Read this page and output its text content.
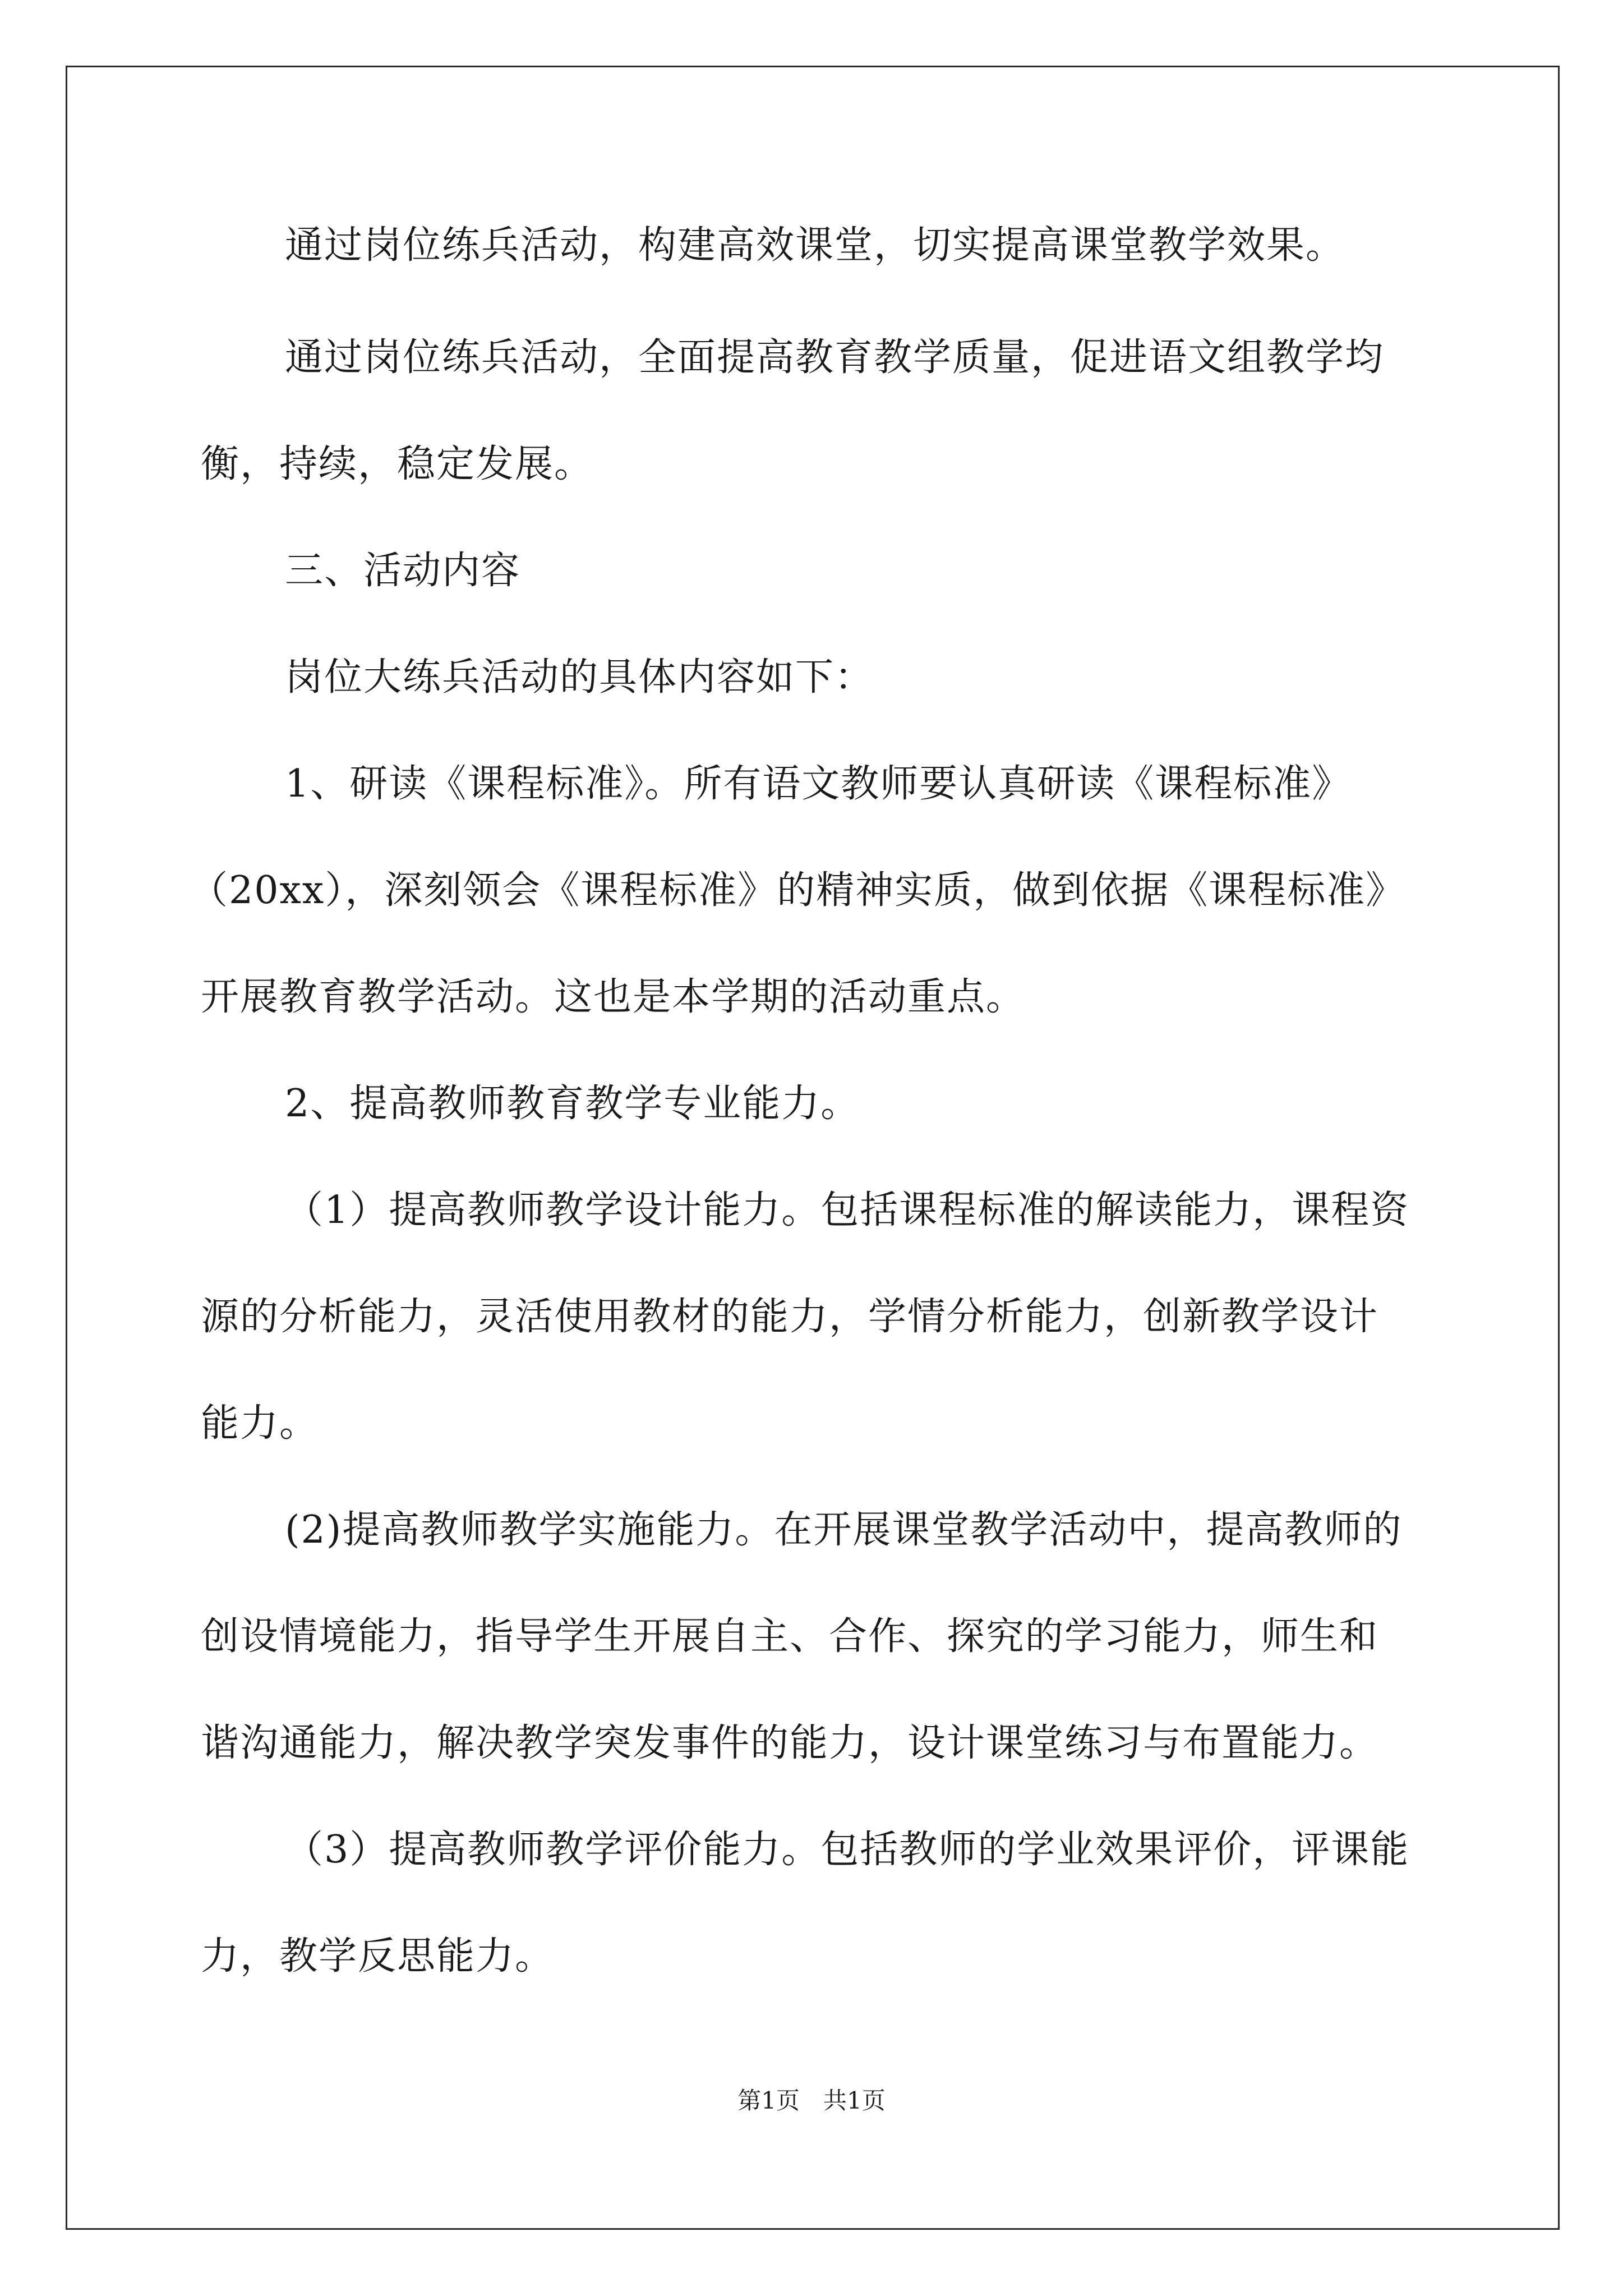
通过岗位练兵活动，构建高效课堂，切实提高课堂教学效果。
通过岗位练兵活动，全面提高教育教学质量，促进语文组教学均
衡，持续，稳定发展。
三、活动内容
岗位大练兵活动的具体内容如下：
1、研读《课程标准》。所有语文教师要认真研读《课程标准》
（20xx），深刻领会《课程标准》的精神实质，做到依据《课程标准》
开展教育教学活动。这也是本学期的活动重点。
2、提高教师教育教学专业能力。
（1）提高教师教学设计能力。包括课程标准的解读能力，课程资
源的分析能力，灵活使用教材的能力，学情分析能力，创新教学设计
能力。
(2)提高教师教学实施能力。在开展课堂教学活动中，提高教师的
创设情境能力，指导学生开展自主、合作、探究的学习能力，师生和
谐沟通能力，解决教学突发事件的能力，设计课堂练习与布置能力。
（3）提高教师教学评价能力。包括教师的学业效果评价，评课能
力，教学反思能力。
第1页　共1页
